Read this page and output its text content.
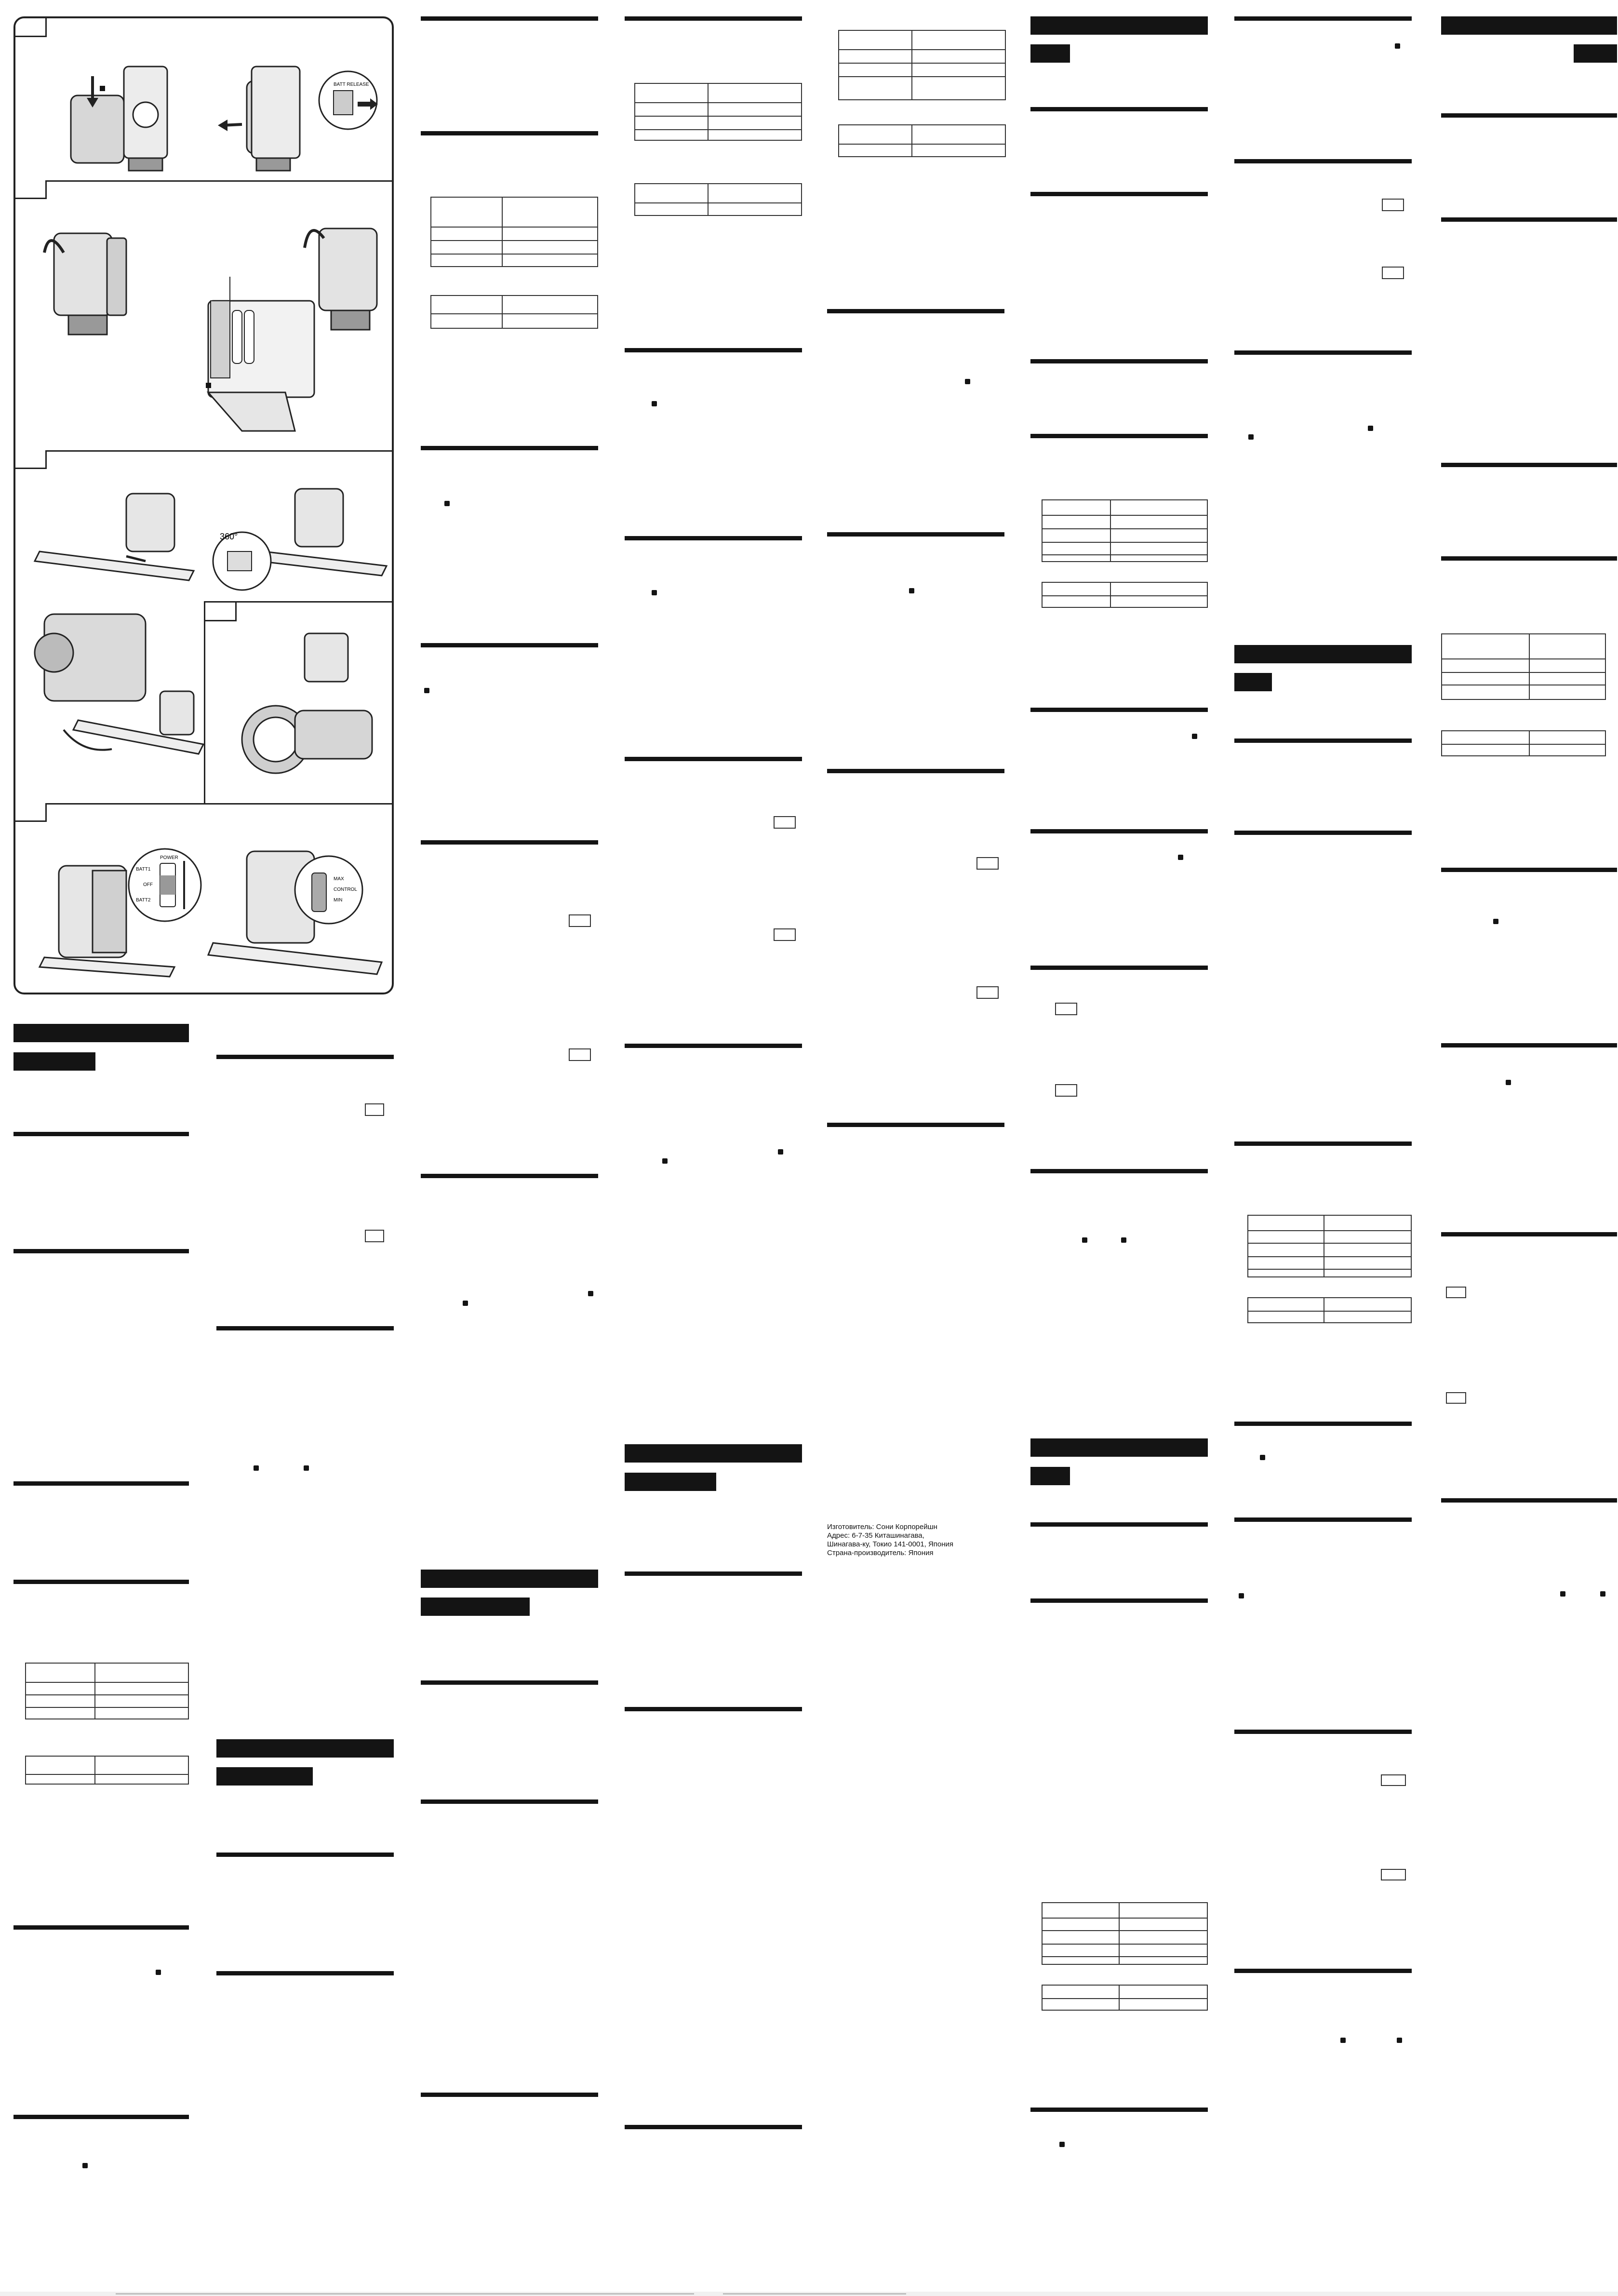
BATT RELEASE
360°
POWER
BATT1
OFF
BATT2
MAX
CONTROL
MIN
Изготовитель: Сони Корпорейшн
Адрес: 6-7-35 Киташинагава,
Шинагава-ку, Токио 141-0001, Япония
Страна-производитель: Япония
